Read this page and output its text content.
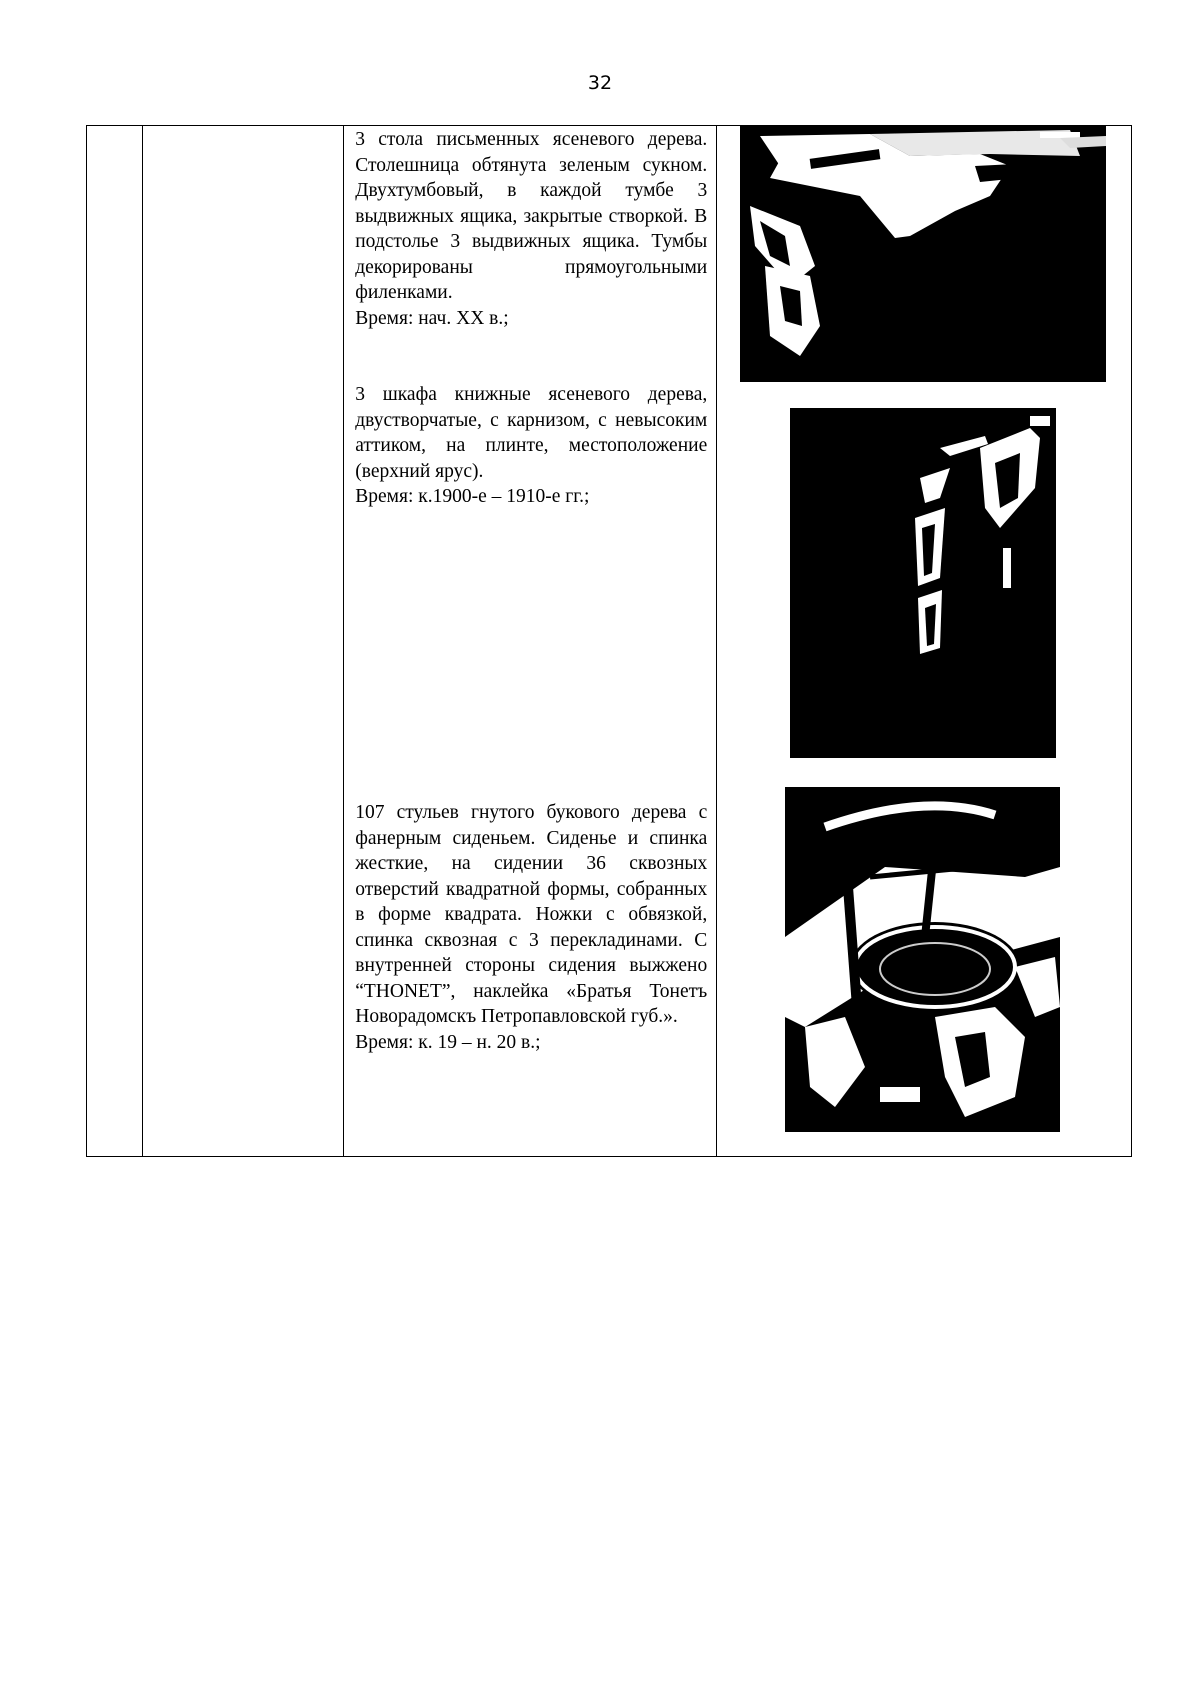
32

3 стола письменных ясеневого дерева. Столешница обтянута зеленым сукном. Двухтумбовый, в каждой тумбе 3 выдвижных ящика, закрытые створкой. В подстолье 3 выдвижных ящика. Тумбы декорированы прямоугольными филенками.

Время: нач. XX в.;

3 шкафа книжные ясеневого дерева, двустворчатые, с карнизом, с невысоким аттиком, на плинте, местоположение (верхний ярус).

Время: к.1900-е – 1910-е гг.;

107 стульев гнутого букового дерева с фанерным сиденьем. Сиденье и спинка жесткие, на сидении 36 сквозных отверстий квадратной формы, собранных в форме квадрата. Ножки с обвязкой, спинка сквозная с 3 перекладинами. С внутренней стороны сидения выжжено “THONET”, наклейка «Братья Тонетъ Новорадомскъ Петропавловской губ.».

Время: к. 19 – н. 20 в.;
